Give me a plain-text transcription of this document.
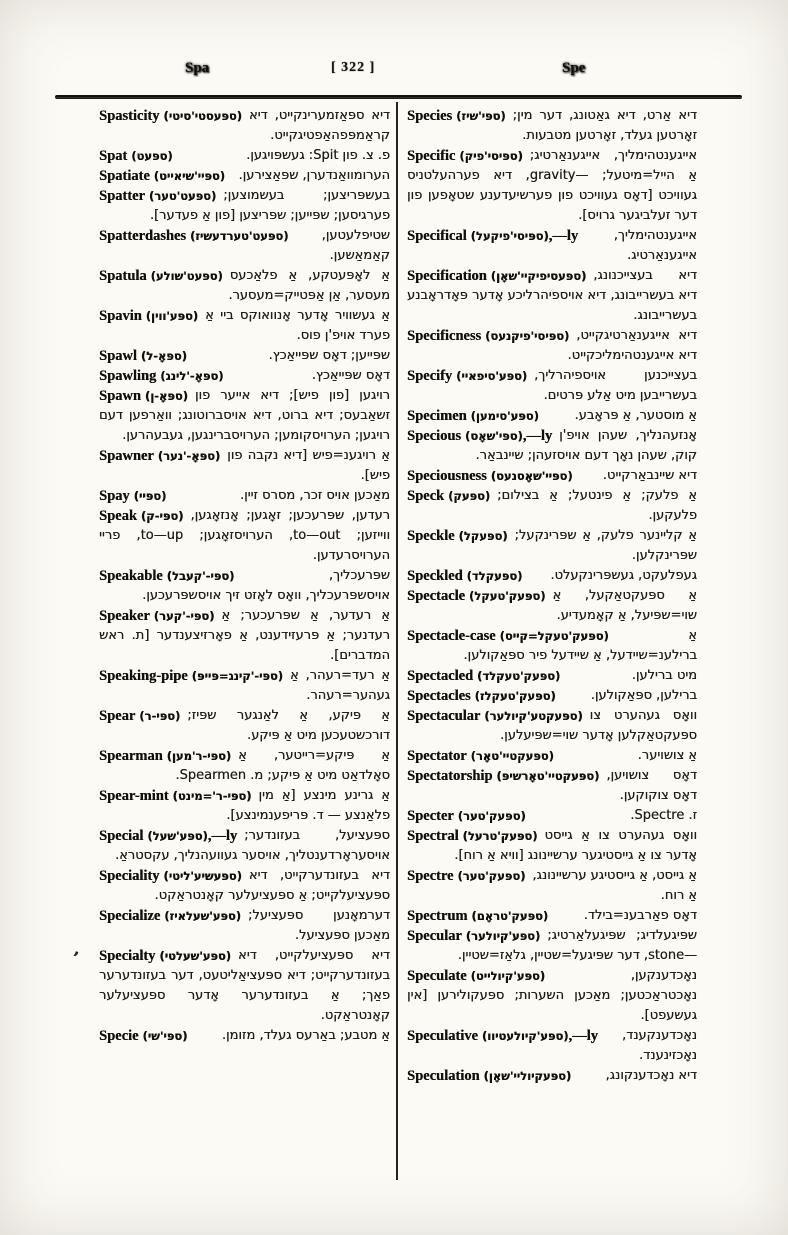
Spa	[ 322 ]	Spe
’

Spasticity (ספּעסטי'סיטי) דיא ספּאַזמערינקייט, דיא קראַמפּפהאַפטיגקייט.

Spat (ספּעט)	פ. צ. פון Spit: געשפּויגען.

Spatiate (ספּיי'שיאייט) הערומוואַנדערן, שפּאַצירען.

Spatter (ספּעט'טער) בעשפּריצען; בעשמוצען; פערגיסען; שפּייען; שפּריצען [פון אַ פעדער].

Spatterdashes (ספּעט'טערדעשיז)	שטיפלעטען, קאַמאַשען.

Spatula (ספּעט'שולע) אַ לאָפּעטקע, אַ פלאַכעס מעסער, אַן אַפּטייק=מעסער.

Spavin (ספּע'ווין) אַ געשוויר אָדער אָנוואוקס ביי אַ פערד אויפ'ן פוס.

Spawl (ספּאָ-ל)	שפּייען; דאָס שפּייאַכץ.

Spawling (ספּאָ-'לינג)	דאָס שפּייאַכץ.

Spawn (ספּאָ-ן) רויגען [פון פיש]; דיא אייער פון זשאַבעס; דיא ברוט, דיא אויסברוטונג; וואַרפען דעם רויגען; הערויסקומען; הערויסברינגען, געבעהרען.

Spawner (ספּאָ-'נער) אַ רויגענ=פיש [דיא נקבה פון פיש].

Spay (ספּיי)	מאַכען אויס זכר, מסרס זיין.

Speak (ספּי-ק) רעדען, שפּרעכען; זאָגען; אָנזאָגען, ווייזען; to—out, הערויסזאָגען; to—up, פריי הערויסרעדען.

Speakable (ספּי-'קעבל)	שפּרעכליך, אויסשפּרעכליך, וואָס לאָזט זיך אויסשפּרעכען.

Speaker (ספּי-'קער) אַ רעדער, אַ שפּרעכער; אַ רעדנער; אַ פּרעזידענט, אַ פאָרזיצענדער [ת. ראש המדברים].

Speaking-pipe (ספּי-'קינג=פּייפּ) אַ רעד=רעהר, אַ געהער=רעהר.

Spear (ספּי-ר) אַ פּיקע, אַ לאַנגער שפּיז; דורכשטעכען מיט אַ פּיקע.

Spearman (ספּי-ר'מען) אַ פּיקע=רייטער, אַ סאָלדאַט מיט אַ פּיקע; מ. Spearmen.

Spear-mint (ספּי-ר'=מינט) אַ גרינע מינצע [אַ מין פלאַנצע — ד. פּריפענמינצע].

Special (ספּע'שעל),—ly ספּעציעל, בעזונדער; אויסעראָרדענטליך, אויסער געוועהנליך, עקסטראַ.

Speciality (ספּעשיע'ליטי) דיא בעזונדערקייט, דיא ספּעציעלקייט; אַ ספּעציעלער קאָנטראַקט.

Specialize (ספּע'שעלאיז) דערמאָנען ספּעציעל; מאַכען ספּעציעל.

Specialty (ספּע'שעלטי) דיא ספּעציעלקייט, דיא בעזונדערקייט; דיא ספּעציאַליטעט, דער בעזונדערער פאַך; אַ בעזונדערער אָדער ספּעציעלער קאָנטראַקט.

Specie (ספּי'שי)	אַ מטבע; באַרעס געלד, מזומן.

Species (ספּי'שיז) דיא אַרט, דיא גאַטונג, דער מין; זאָרטען געלד, זאָרטען מטבעות.

Specific (ספּיסי'פיק) אייגענטהימליך, אייגענאַרטיג; אַ הייל=מיטעל; —gravity, דיא פערהעלטניס געוויכט [דאָס געוויכט פון פערשיעדענע שטאָפען פון דער זעלביגער גרויס].

Specifical (ספּיסי'פיקעל),—ly	אייגענטהימליך, אייגענאַרטיג.

Specification (ספּעסיפיקיי'שאָן) דיא בעצייכנונג, דיא בעשרייבונג, דיא אויספיהרליכע אָדער פּאָדראָבנע בעשרייבונג.

Specificness (ספּיסי'פיקנעס) דיא אייגענאַרטיגקייט, דיא אייגענטהימליכקייט.

Specify (ספּע'סיפאיי) בעצייכנען אויספיהרליך, בעשרייבען מיט אַלע פּרטים.

Specimen (ספּע'סימען)	אַ מוסטער, אַ פּראָבע.

Specious (ספּי'שאָס),—ly אָנזעהנליך, שעהן אויפ'ן קוק, שעהן נאָך דעם אויסזעהן; שיינבאַר.

Speciousness (ספּיי'שאָסנעס) דיא שיינבאַרקייט.

Speck (ספּעק) אַ פלעק; אַ פינטעל; אַ בצילום; פלעקען.

Speckle (ספּעקל) אַ קליינער פלעק, אַ שפּרינקעל; שפּרינקלען.

Speckled (ספּעקלד) געפלעקט, געשפּרינקעלט.

Spectacle (ספּעק'טעקל) אַ ספּעקטאַקעל, אַ שוי=שפּיעל, אַ קאָמעדיע.

Spectacle-case (ספּעק'טעקל=קייס)	אַ ברילענ=שיידעל, אַ שיידעל פיר ספּאַקולען.

Spectacled (ספּעק'טעקלד)	מיט ברילען.

Spectacles (ספּעק'טעקלז)	ברילען, ספּאַקולען.

Spectacular (ספּעקטע'קיולער) וואָס געהערט צו ספּעקטאַקלען אָדער שוי=שפּיעלען.

Spectator (ספּעקטיי'טאָר)	אַ צושויער.

Spectatorship (ספּעקטיי'טאָרשיפּ) דאָס צושויען, דאָס צוקוקען.

Specter (ספּעק'טער)	ז. Spectre.

Spectral (ספּעק'טרעל) וואָס געהערט צו אַ גייסט אָדער צו אַ גייסטיגער ערשיינונג [וויא אַ רוח].

Spectre (ספּעק'טער) אַ גייסט, אַ גייסטיגע ערשיינונג, אַ רוח.

Spectrum (ספּעק'טראָם)	דאָס פאַרבענ=בילד.

Specular (ספּע'קיולער) שפּיגעלדיג; שפּיגעלאַרטיג; —stone, דער שפּיגעל=שטיין, גלאַז=שטיין.

Speculate (ספּע'קיולייט)	נאָכדענקען, נאָכטראַכטען; מאַכען השערות; ספּעקולירען [אין געשעפט].

Speculative (ספּע'קיולעטיוו),—ly נאָכדענקענד, נאָכזינענד.

Speculation (ספּעקיוליי'שאָן)	דיא נאָכדענקונג,
